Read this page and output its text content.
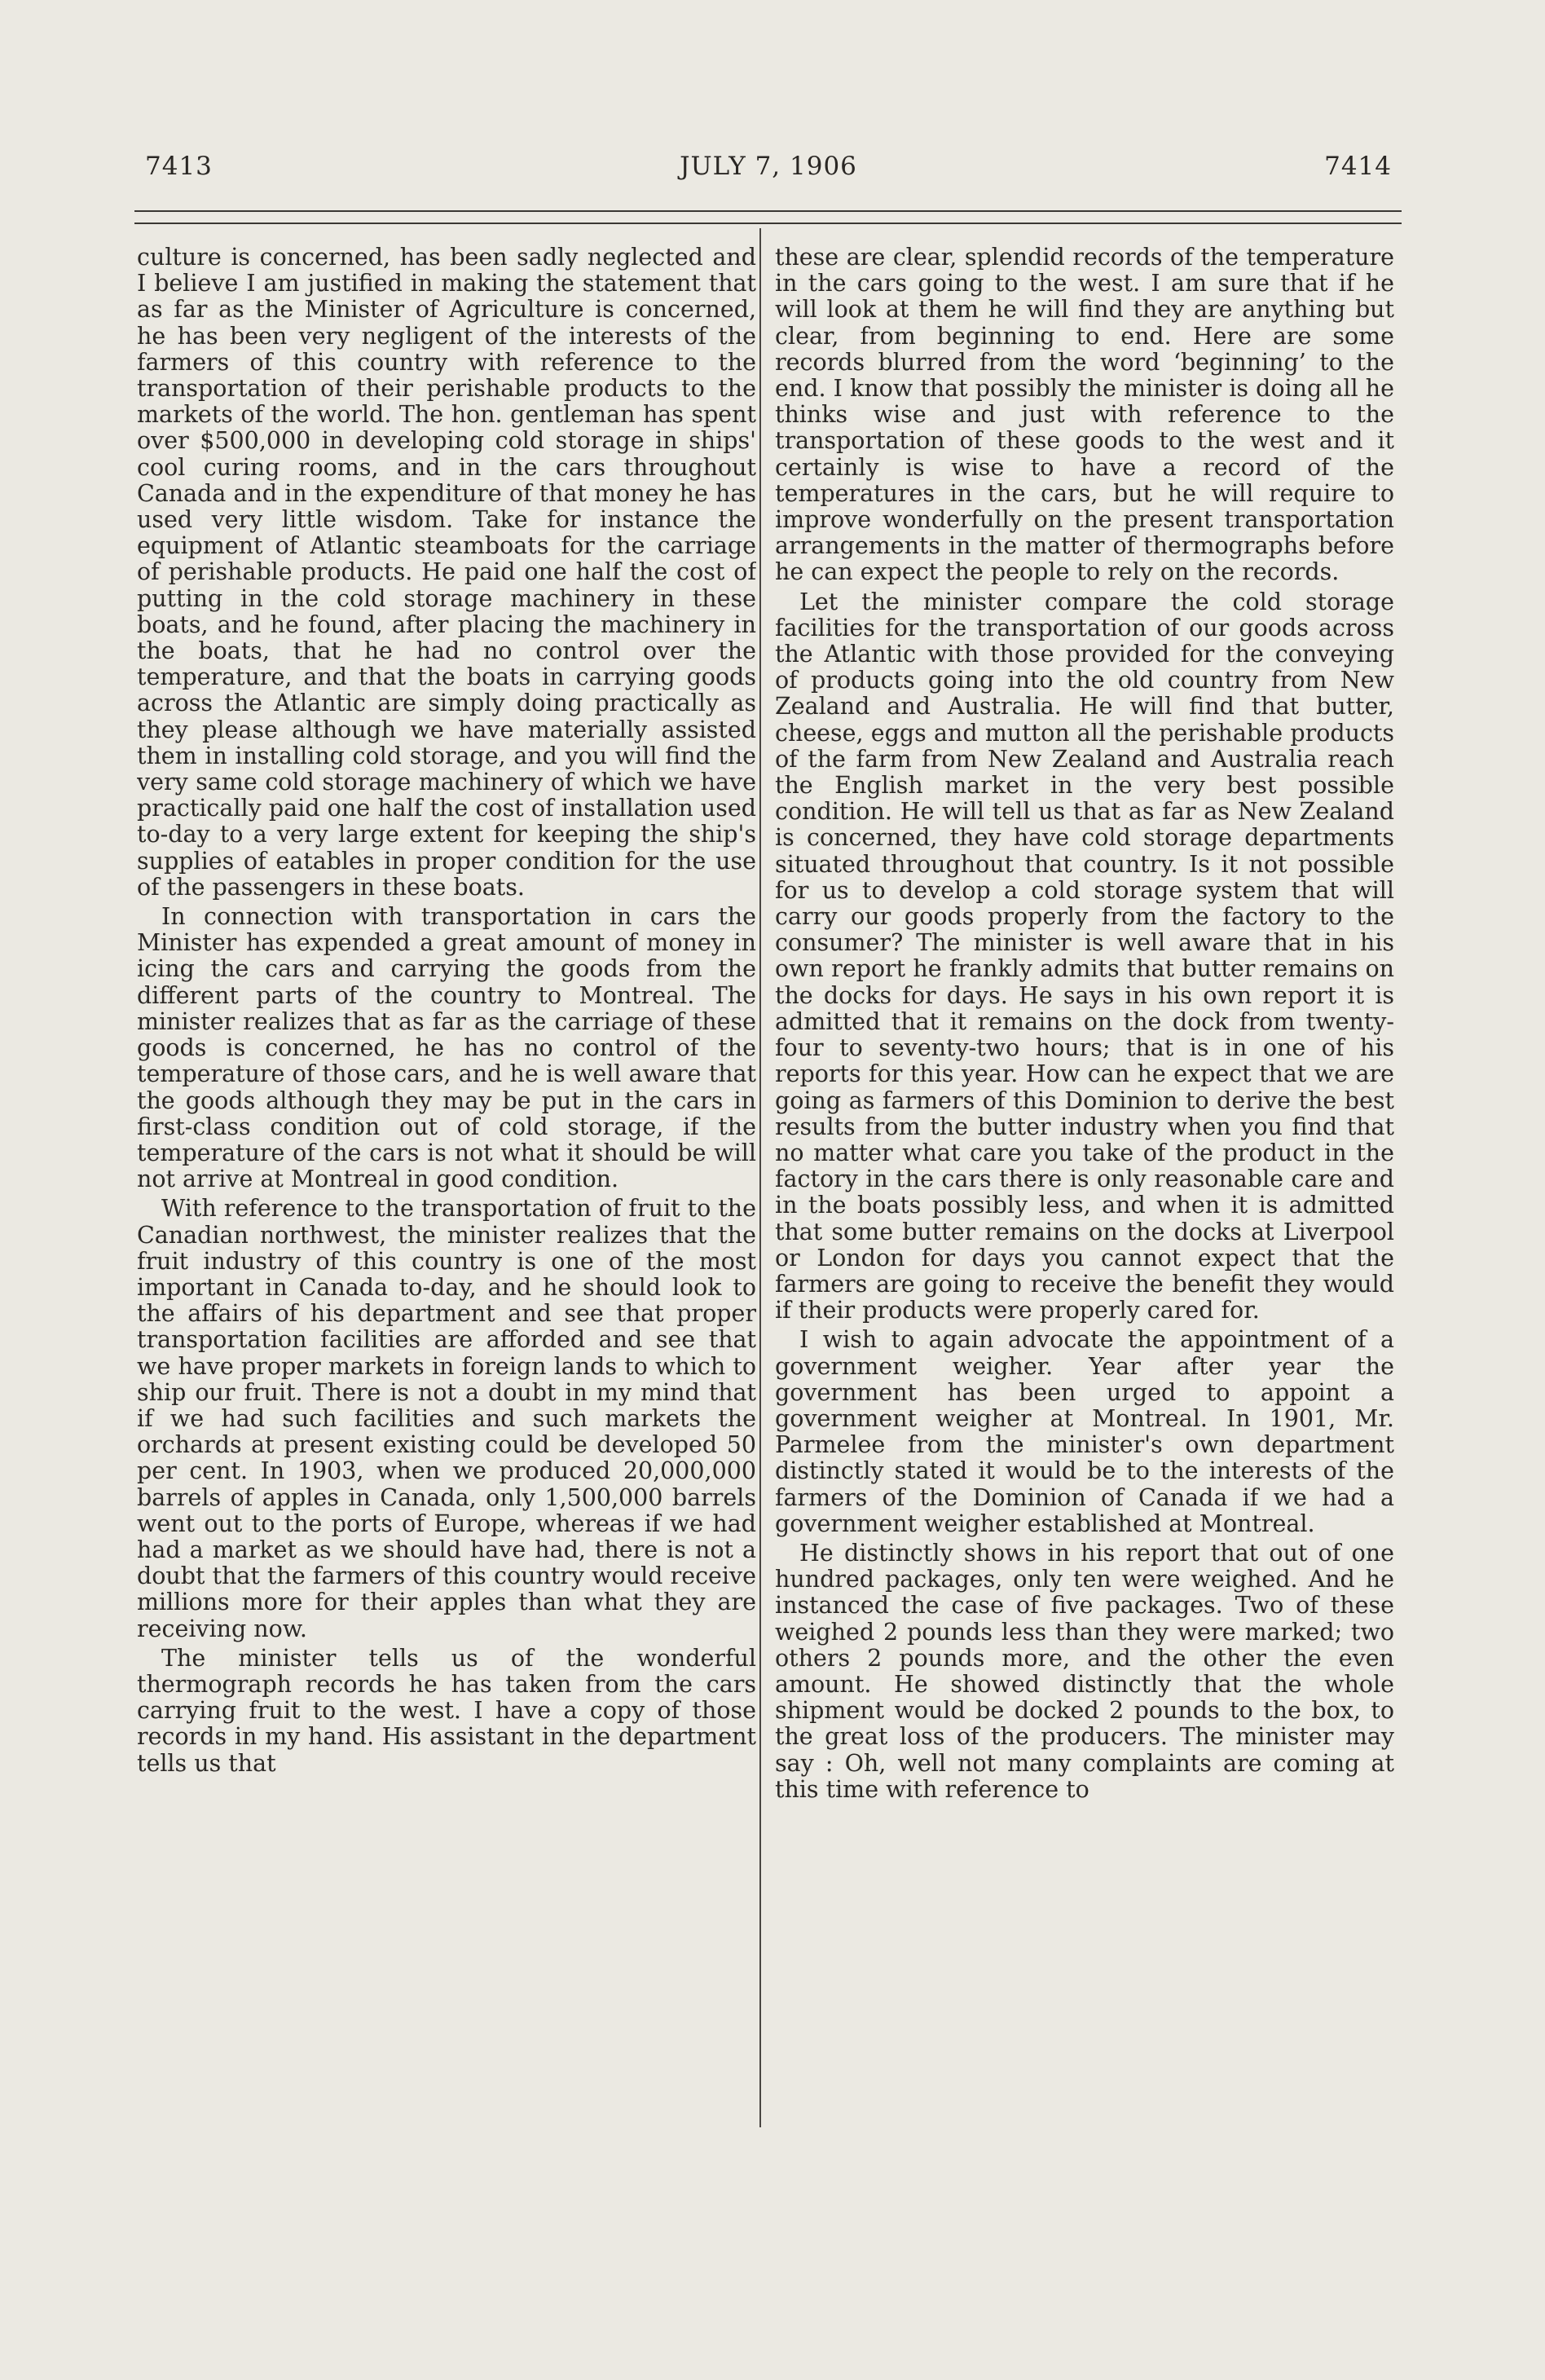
7413	JULY 7, 1906	7414

culture is concerned, has been sadly neglected and I believe I am justified in making the statement that as far as the Minister of Agriculture is concerned, he has been very negligent of the interests of the farmers of this country with reference to the transportation of their perishable products to the markets of the world. The hon. gentleman has spent over $500,000 in developing cold storage in ships' cool curing rooms, and in the cars throughout Canada and in the expenditure of that money he has used very little wisdom. Take for instance the equipment of Atlantic steamboats for the carriage of perishable products. He paid one half the cost of putting in the cold storage machinery in these boats, and he found, after placing the machinery in the boats, that he had no control over the temperature, and that the boats in carrying goods across the Atlantic are simply doing practically as they please although we have materially assisted them in installing cold storage, and you will find the very same cold storage machinery of which we have practically paid one half the cost of installation used to-day to a very large extent for keeping the ship's supplies of eatables in proper condition for the use of the passengers in these boats.

In connection with transportation in cars the Minister has expended a great amount of money in icing the cars and carrying the goods from the different parts of the country to Montreal. The minister realizes that as far as the carriage of these goods is concerned, he has no control of the temperature of those cars, and he is well aware that the goods although they may be put in the cars in first-class condition out of cold storage, if the temperature of the cars is not what it should be will not arrive at Montreal in good condition.

With reference to the transportation of fruit to the Canadian northwest, the minister realizes that the fruit industry of this country is one of the most important in Canada to-day, and he should look to the affairs of his department and see that proper transportation facilities are afforded and see that we have proper markets in foreign lands to which to ship our fruit. There is not a doubt in my mind that if we had such facilities and such markets the orchards at present existing could be developed 50 per cent. In 1903, when we produced 20,000,000 barrels of apples in Canada, only 1,500,000 barrels went out to the ports of Europe, whereas if we had had a market as we should have had, there is not a doubt that the farmers of this country would receive millions more for their apples than what they are receiving now.

The minister tells us of the wonderful thermograph records he has taken from the cars carrying fruit to the west. I have a copy of those records in my hand. His assistant in the department tells us that

these are clear, splendid records of the temperature in the cars going to the west. I am sure that if he will look at them he will find they are anything but clear, from beginning to end. Here are some records blurred from the word ‘beginning’ to the end. I know that possibly the minister is doing all he thinks wise and just with reference to the transportation of these goods to the west and it certainly is wise to have a record of the temperatures in the cars, but he will require to improve wonderfully on the present transportation arrangements in the matter of thermographs before he can expect the people to rely on the records.

Let the minister compare the cold storage facilities for the transportation of our goods across the Atlantic with those provided for the conveying of products going into the old country from New Zealand and Australia. He will find that butter, cheese, eggs and mutton all the perishable products of the farm from New Zealand and Australia reach the English market in the very best possible condition. He will tell us that as far as New Zealand is concerned, they have cold storage departments situated throughout that country. Is it not possible for us to develop a cold storage system that will carry our goods properly from the factory to the consumer? The minister is well aware that in his own report he frankly admits that butter remains on the docks for days. He says in his own report it is admitted that it remains on the dock from twenty-four to seventy-two hours; that is in one of his reports for this year. How can he expect that we are going as farmers of this Dominion to derive the best results from the butter industry when you find that no matter what care you take of the product in the factory in the cars there is only reasonable care and in the boats possibly less, and when it is admitted that some butter remains on the docks at Liverpool or London for days you cannot expect that the farmers are going to receive the benefit they would if their products were properly cared for.

I wish to again advocate the appointment of a government weigher. Year after year the government has been urged to appoint a government weigher at Montreal. In 1901, Mr. Parmelee from the minister's own department distinctly stated it would be to the interests of the farmers of the Dominion of Canada if we had a government weigher established at Montreal.

He distinctly shows in his report that out of one hundred packages, only ten were weighed. And he instanced the case of five packages. Two of these weighed 2 pounds less than they were marked; two others 2 pounds more, and the other the even amount. He showed distinctly that the whole shipment would be docked 2 pounds to the box, to the great loss of the producers. The minister may say : Oh, well not many complaints are coming at this time with reference to
